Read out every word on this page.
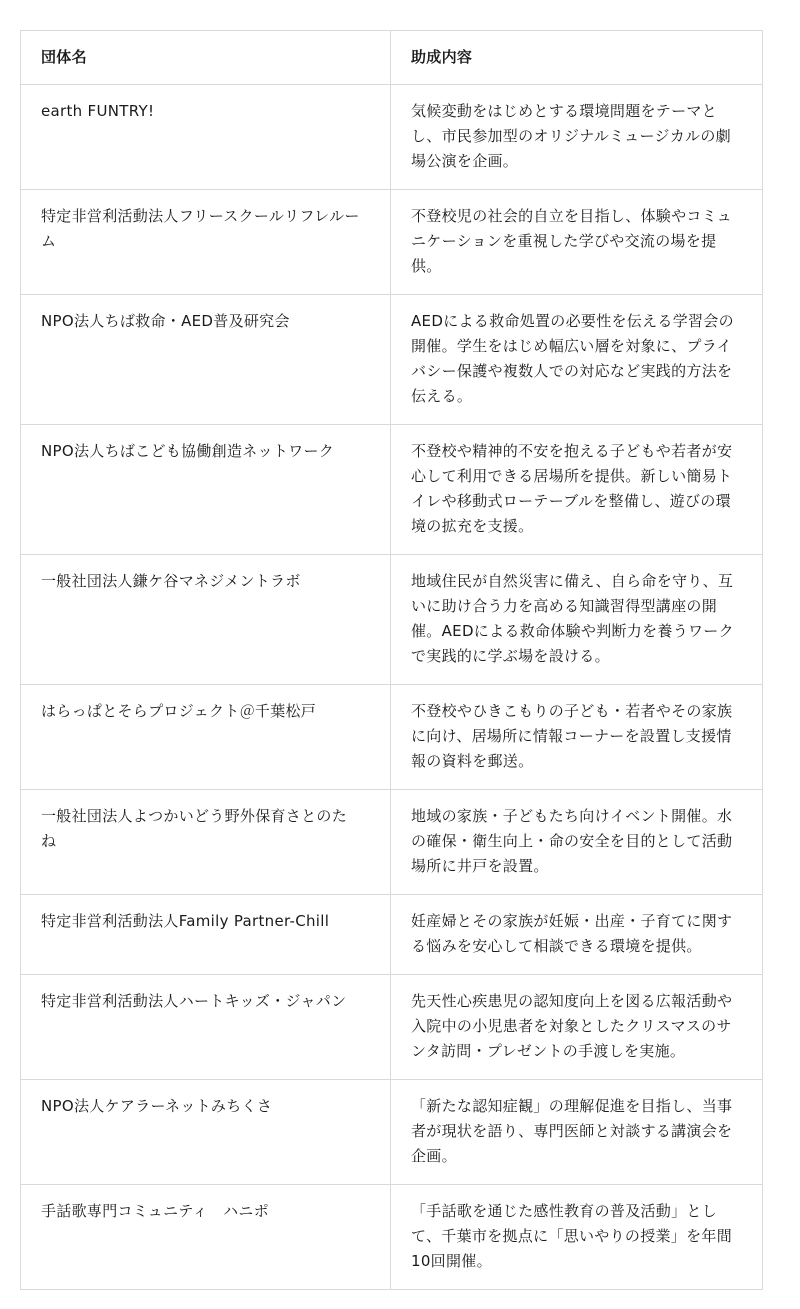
団体名	助成内容
earth FUNTRY!	気候変動をはじめとする環境問題をテーマとし、市民参加型のオリジナルミュージカルの劇場公演を企画。
特定非営利活動法人フリースクールリフレルーム	不登校児の社会的自立を目指し、体験やコミュニケーションを重視した学びや交流の場を提供。
NPO法人ちば救命・AED普及研究会	AEDによる救命処置の必要性を伝える学習会の開催。学生をはじめ幅広い層を対象に、プライバシー保護や複数人での対応など実践的方法を伝える。
NPO法人ちばこども協働創造ネットワーク	不登校や精神的不安を抱える子どもや若者が安心して利用できる居場所を提供。新しい簡易トイレや移動式ローテーブルを整備し、遊びの環境の拡充を支援。
一般社団法人鎌ケ谷マネジメントラボ	地域住民が自然災害に備え、自ら命を守り、互いに助け合う力を高める知識習得型講座の開催。AEDによる救命体験や判断力を養うワークで実践的に学ぶ場を設ける。
はらっぱとそらプロジェクト＠千葉松戸	不登校やひきこもりの子ども・若者やその家族に向け、居場所に情報コーナーを設置し支援情報の資料を郵送。
一般社団法人よつかいどう野外保育さとのたね	地域の家族・子どもたち向けイベント開催。水の確保・衛生向上・命の安全を目的として活動場所に井戸を設置。
特定非営利活動法人Family Partner-Chill	妊産婦とその家族が妊娠・出産・子育てに関する悩みを安心して相談できる環境を提供。
特定非営利活動法人ハートキッズ・ジャパン	先天性心疾患児の認知度向上を図る広報活動や入院中の小児患者を対象としたクリスマスのサンタ訪問・プレゼントの手渡しを実施。
NPO法人ケアラーネットみちくさ	「新たな認知症観」の理解促進を目指し、当事者が現状を語り、専門医師と対談する講演会を企画。
手話歌専門コミュニティ　ハニポ	「手話歌を通じた感性教育の普及活動」として、千葉市を拠点に「思いやりの授業」を年間10回開催。
